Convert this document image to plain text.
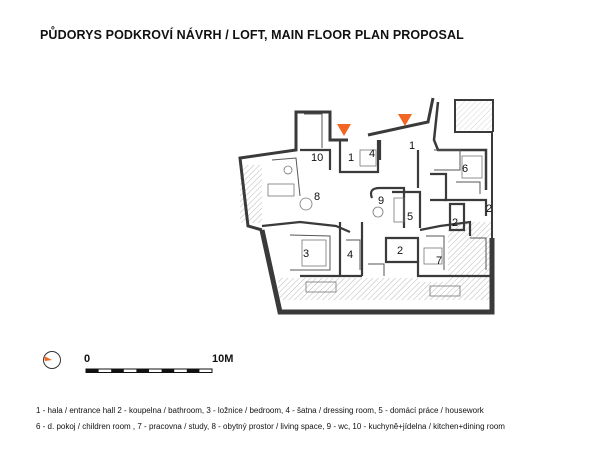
PŮDORYS PODKROVÍ NÁVRH / LOFT, MAIN FLOOR PLAN PROPOSAL
10 1 4
1
6
8	9
2
5	2
3	4	2
7
0	10M
1 - hala / entrance hall 2 - koupelna / bathroom, 3 - ložnice / bedroom, 4 - šatna / dressing room, 5 - domácí práce / housework
6 - d. pokoj / children room , 7 - pracovna / study, 8 - obytný prostor / living space, 9 - wc, 10 - kuchyně+jídelna / kitchen+dining room
